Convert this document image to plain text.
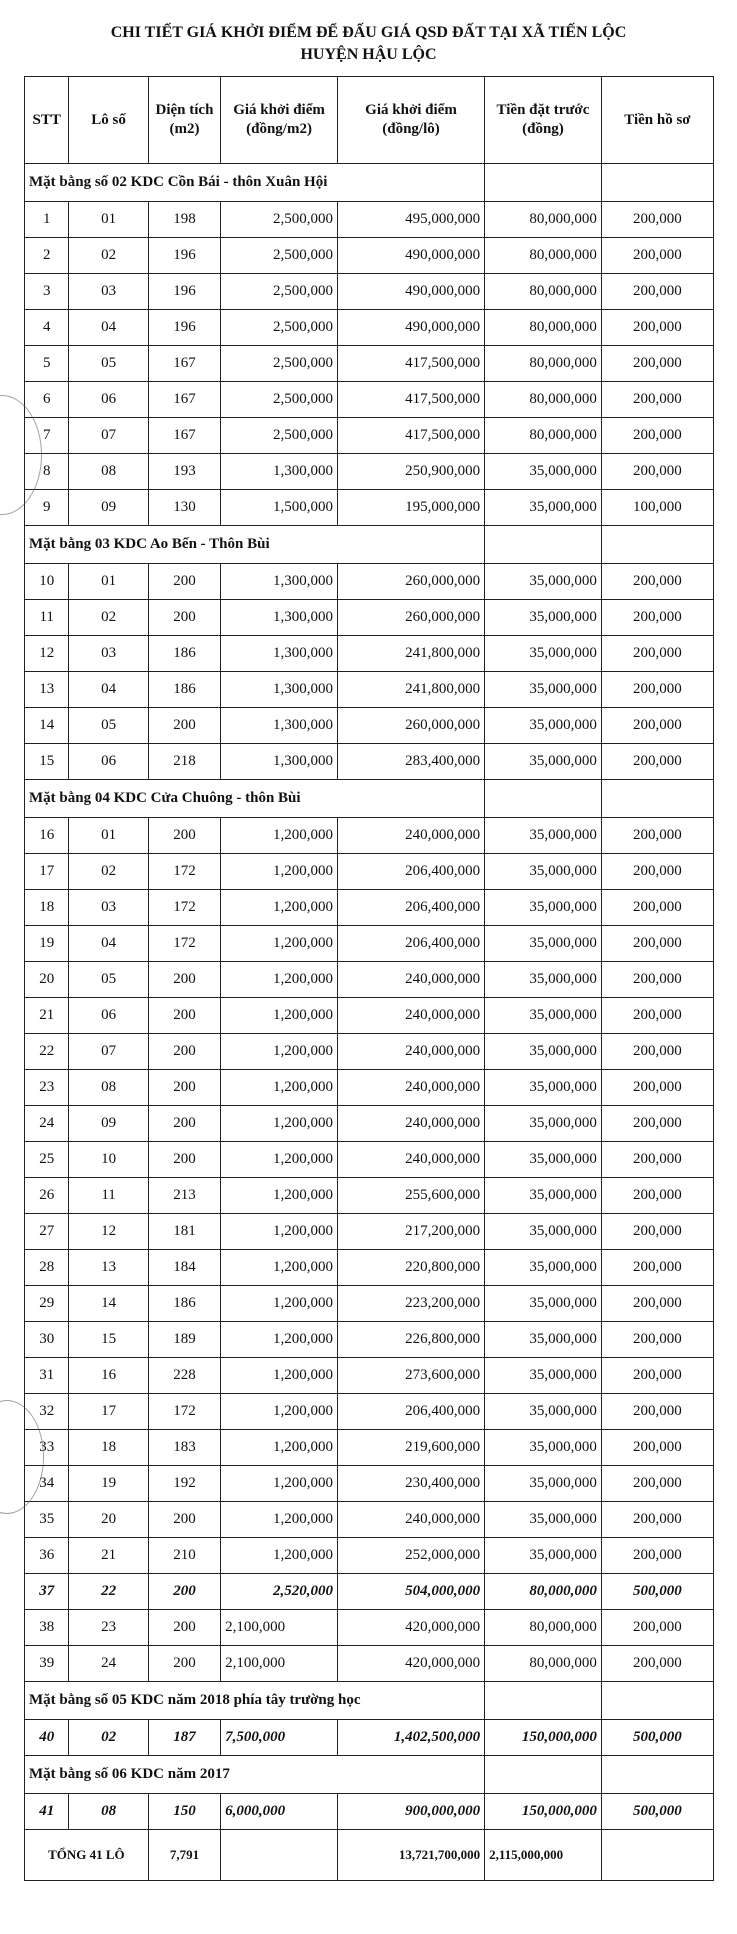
CHI TIẾT GIÁ KHỞI ĐIỂM ĐỂ ĐẤU GIÁ QSD ĐẤT TẠI XÃ TIẾN LỘC
HUYỆN HẬU LỘC
STT	Lô số	Diện tích (m2)	Giá khởi điểm (đồng/m2)	Giá khởi điểm (đồng/lô)	Tiền đặt trước (đồng)	Tiền hồ sơ
Mặt bằng số 02 KDC Cồn Bái - thôn Xuân Hội						
1	01	198	2,500,000	495,000,000	80,000,000	200,000
2	02	196	2,500,000	490,000,000	80,000,000	200,000
3	03	196	2,500,000	490,000,000	80,000,000	200,000
4	04	196	2,500,000	490,000,000	80,000,000	200,000
5	05	167	2,500,000	417,500,000	80,000,000	200,000
6	06	167	2,500,000	417,500,000	80,000,000	200,000
7	07	167	2,500,000	417,500,000	80,000,000	200,000
8	08	193	1,300,000	250,900,000	35,000,000	200,000
9	09	130	1,500,000	195,000,000	35,000,000	100,000
Mặt bằng 03 KDC Ao Bến - Thôn Bùi						
10	01	200	1,300,000	260,000,000	35,000,000	200,000
11	02	200	1,300,000	260,000,000	35,000,000	200,000
12	03	186	1,300,000	241,800,000	35,000,000	200,000
13	04	186	1,300,000	241,800,000	35,000,000	200,000
14	05	200	1,300,000	260,000,000	35,000,000	200,000
15	06	218	1,300,000	283,400,000	35,000,000	200,000
Mặt bằng 04 KDC Cửa Chuông - thôn Bùi						
16	01	200	1,200,000	240,000,000	35,000,000	200,000
17	02	172	1,200,000	206,400,000	35,000,000	200,000
18	03	172	1,200,000	206,400,000	35,000,000	200,000
19	04	172	1,200,000	206,400,000	35,000,000	200,000
20	05	200	1,200,000	240,000,000	35,000,000	200,000
21	06	200	1,200,000	240,000,000	35,000,000	200,000
22	07	200	1,200,000	240,000,000	35,000,000	200,000
23	08	200	1,200,000	240,000,000	35,000,000	200,000
24	09	200	1,200,000	240,000,000	35,000,000	200,000
25	10	200	1,200,000	240,000,000	35,000,000	200,000
26	11	213	1,200,000	255,600,000	35,000,000	200,000
27	12	181	1,200,000	217,200,000	35,000,000	200,000
28	13	184	1,200,000	220,800,000	35,000,000	200,000
29	14	186	1,200,000	223,200,000	35,000,000	200,000
30	15	189	1,200,000	226,800,000	35,000,000	200,000
31	16	228	1,200,000	273,600,000	35,000,000	200,000
32	17	172	1,200,000	206,400,000	35,000,000	200,000
33	18	183	1,200,000	219,600,000	35,000,000	200,000
34	19	192	1,200,000	230,400,000	35,000,000	200,000
35	20	200	1,200,000	240,000,000	35,000,000	200,000
36	21	210	1,200,000	252,000,000	35,000,000	200,000
37	22	200	2,520,000	504,000,000	80,000,000	500,000
38	23	200	2,100,000	420,000,000	80,000,000	200,000
39	24	200	2,100,000	420,000,000	80,000,000	200,000
Mặt bằng số 05 KDC năm 2018 phía tây trường học						
40	02	187	7,500,000	1,402,500,000	150,000,000	500,000
Mặt bằng số 06 KDC năm 2017						
41	08	150	6,000,000	900,000,000	150,000,000	500,000
TỔNG 41 LÔ		7,791		13,721,700,000	2,115,000,000	
